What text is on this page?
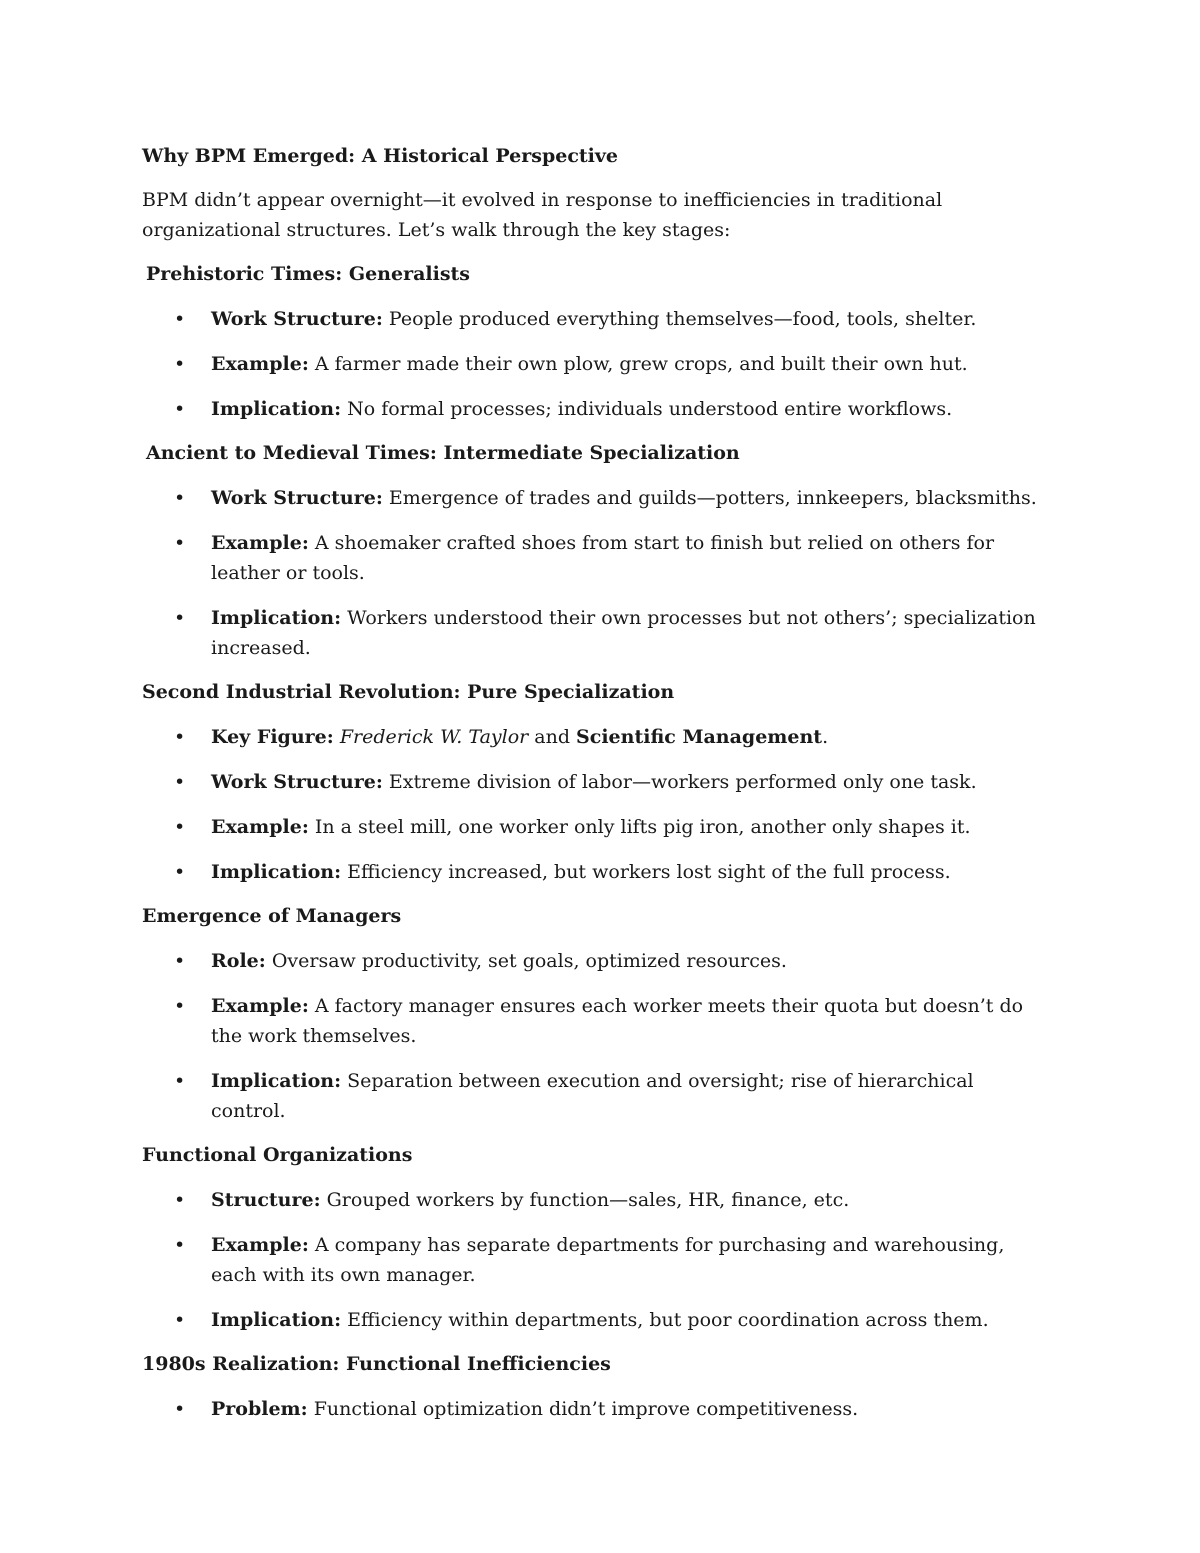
Why BPM Emerged: A Historical Perspective
BPM didn’t appear overnight—it evolved in response to inefficiencies in traditional organizational structures. Let’s walk through the key stages:
Prehistoric Times: Generalists
• Work Structure: People produced everything themselves—food, tools, shelter.
• Example: A farmer made their own plow, grew crops, and built their own hut.
• Implication: No formal processes; individuals understood entire workflows.
Ancient to Medieval Times: Intermediate Specialization
• Work Structure: Emergence of trades and guilds—potters, innkeepers, blacksmiths.
• Example: A shoemaker crafted shoes from start to finish but relied on others for leather or tools.
• Implication: Workers understood their own processes but not others’; specialization increased.
Second Industrial Revolution: Pure Specialization
• Key Figure: Frederick W. Taylor and Scientific Management.
• Work Structure: Extreme division of labor—workers performed only one task.
• Example: In a steel mill, one worker only lifts pig iron, another only shapes it.
• Implication: Efficiency increased, but workers lost sight of the full process.
Emergence of Managers
• Role: Oversaw productivity, set goals, optimized resources.
• Example: A factory manager ensures each worker meets their quota but doesn’t do the work themselves.
• Implication: Separation between execution and oversight; rise of hierarchical control.
Functional Organizations
• Structure: Grouped workers by function—sales, HR, finance, etc.
• Example: A company has separate departments for purchasing and warehousing, each with its own manager.
• Implication: Efficiency within departments, but poor coordination across them.
1980s Realization: Functional Inefficiencies
• Problem: Functional optimization didn’t improve competitiveness.
